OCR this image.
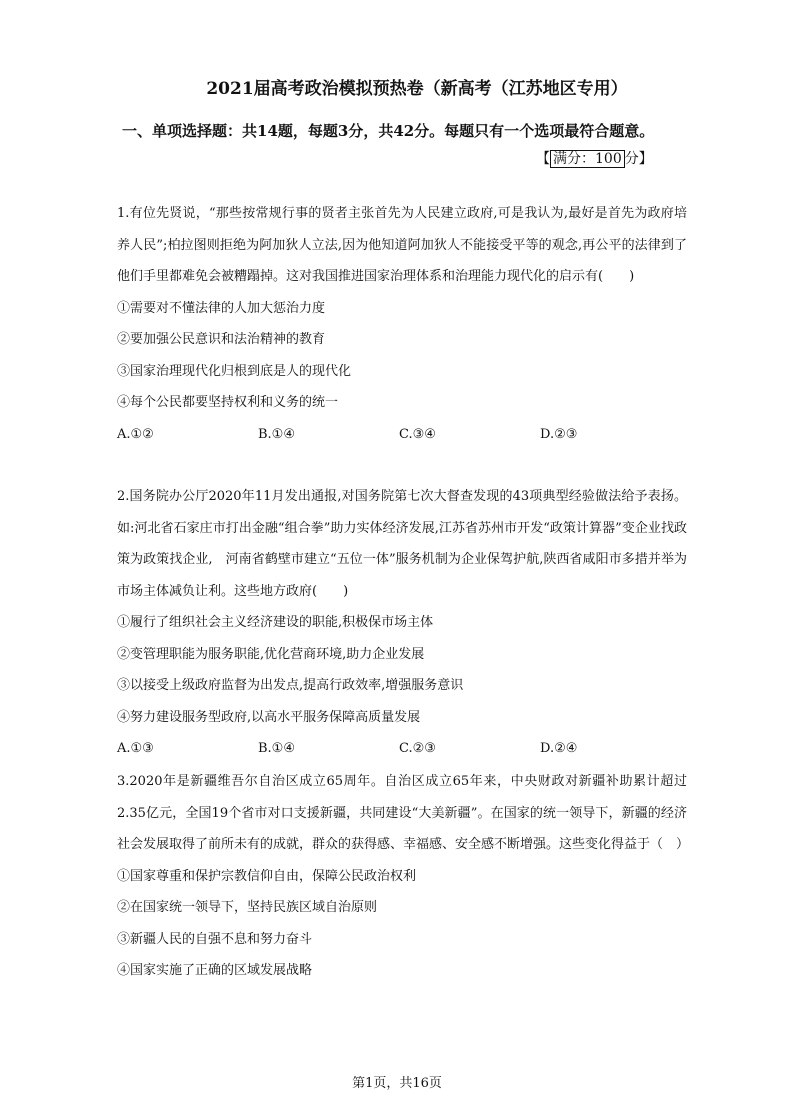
2021届高考政治模拟预热卷（新高考（江苏地区专用）
一、单项选择题：共14题，每题3分，共42分。每题只有一个选项最符合题意。
【 满分：100 分】

1.有位先贤说，“那些按常规行事的贤者主张首先为人民建立政府,可是我认为,最好是首先为政府培养人民”;柏拉图则拒绝为阿加狄人立法,因为他知道阿加狄人不能接受平等的观念,再公平的法律到了他们手里都难免会被糟蹋掉。这对我国推进国家治理体系和治理能力现代化的启示有(　　)

①需要对不懂法律的人加大惩治力度

②要加强公民意识和法治精神的教育

③国家治理现代化归根到底是人的现代化

④每个公民都要坚持权利和义务的统一

A.①②	B.①④	C.③④	D.②③

2.国务院办公厅2020年11月发出通报,对国务院第七次大督查发现的43项典型经验做法给予表扬。如:河北省石家庄市打出金融“组合拳”助力实体经济发展,江苏省苏州市开发“政策计算器”变企业找政策为政策找企业,　河南省鹤壁市建立“五位一体”服务机制为企业保驾护航,陕西省咸阳市多措并举为市场主体减负让利。这些地方政府(　　)

①履行了组织社会主义经济建设的职能,积极保市场主体

②变管理职能为服务职能,优化营商环境,助力企业发展

③以接受上级政府监督为出发点,提高行政效率,增强服务意识

④努力建设服务型政府,以高水平服务保障高质量发展

A.①③	B.①④	C.②③	D.②④

3.2020年是新疆维吾尔自治区成立65周年。自治区成立65年来，中央财政对新疆补助累计超过2.35亿元，全国19个省市对口支援新疆，共同建设“大美新疆”。在国家的统一领导下，新疆的经济社会发展取得了前所未有的成就，群众的获得感、幸福感、安全感不断增强。这些变化得益于（　）

①国家尊重和保护宗教信仰自由，保障公民政治权利

②在国家统一领导下，坚持民族区域自治原则

③新疆人民的自强不息和努力奋斗

④国家实施了正确的区域发展战略

第1页，共16页
